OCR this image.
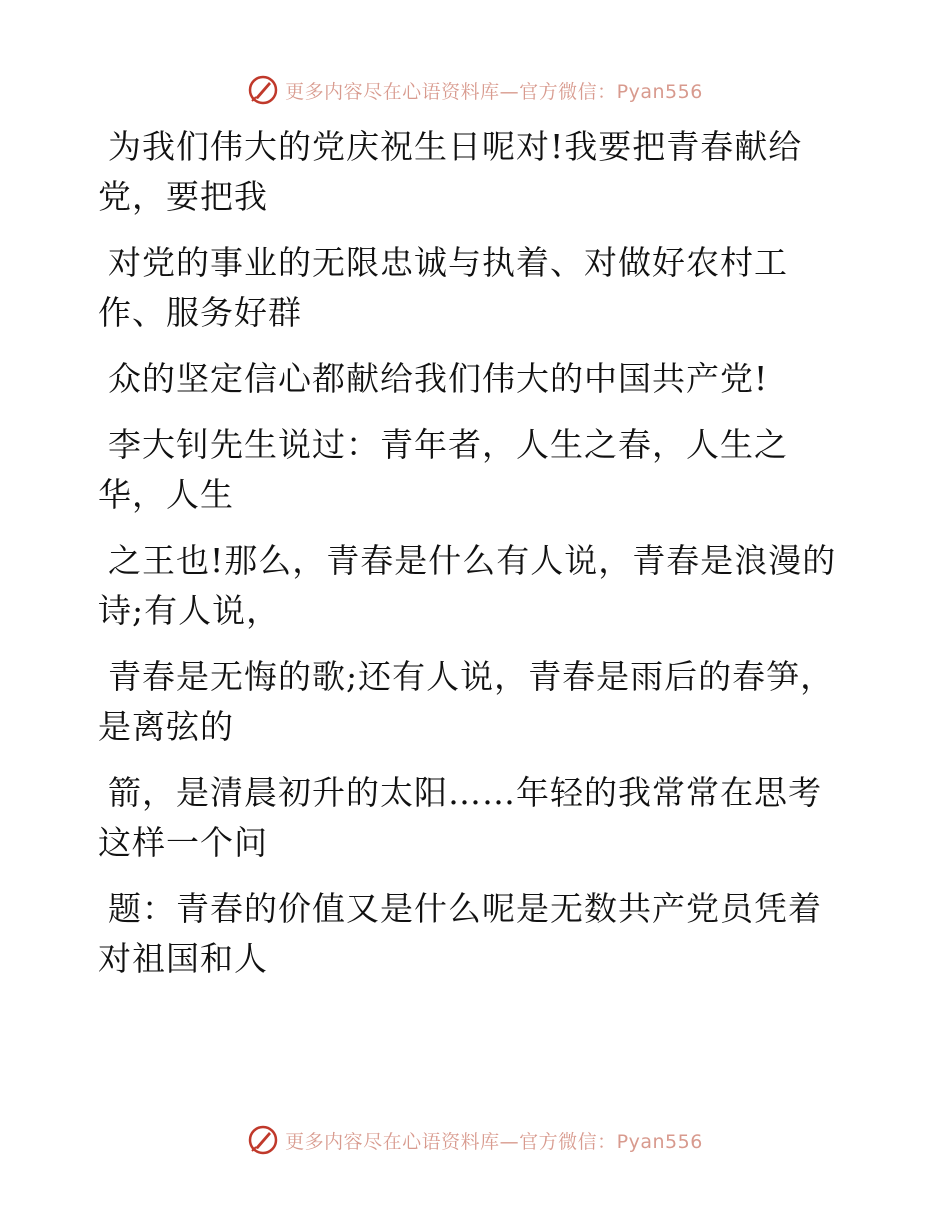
更多内容尽在心语资料库—官方微信：Pyan556

为我们伟大的党庆祝生日呢对!我要把青春献给
党，要把我

对党的事业的无限忠诚与执着、对做好农村工
作、服务好群

众的坚定信心都献给我们伟大的中国共产党!

李大钊先生说过：青年者，人生之春，人生之
华，人生

之王也!那么，青春是什么有人说，青春是浪漫的
诗;有人说，

青春是无悔的歌;还有人说，青春是雨后的春笋，
是离弦的

箭，是清晨初升的太阳……年轻的我常常在思考
这样一个问

题：青春的价值又是什么呢是无数共产党员凭着
对祖国和人

更多内容尽在心语资料库—官方微信：Pyan556
